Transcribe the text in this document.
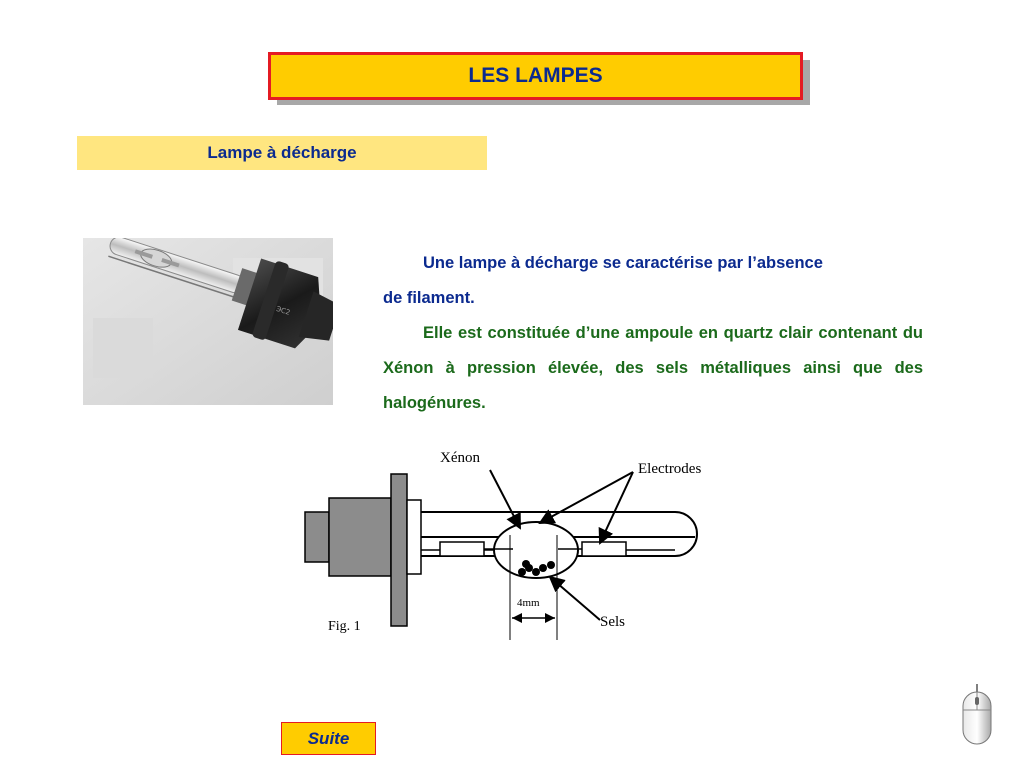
LES LAMPES
Lampe à décharge
ЭС2

Une lampe à décharge se caractérise par l’absence
de filament.

Elle est constituée d’une ampoule en quartz clair contenant du Xénon à pression élevée, des sels métalliques ainsi que des halogénures.

Xénon
Electrodes
4mm
Sels
Fig. 1
Suite
